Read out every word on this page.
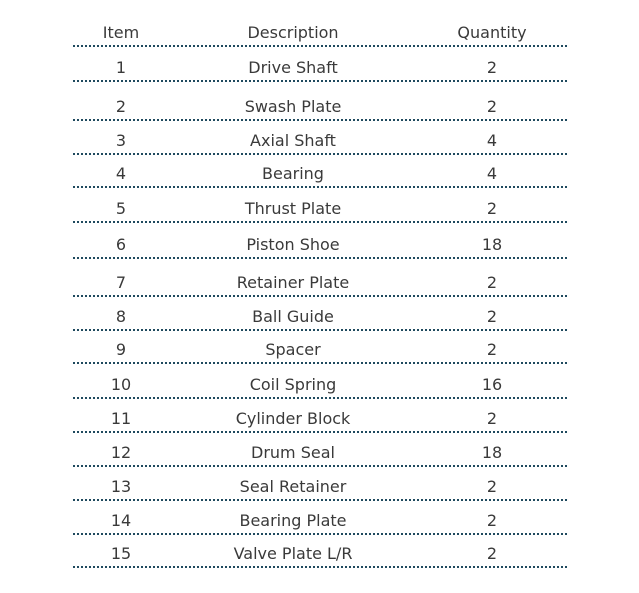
Item	Description	Quantity
1	Drive Shaft	2
2	Swash Plate	2
3	Axial Shaft	4
4	Bearing	4
5	Thrust Plate	2
6	Piston Shoe	18
7	Retainer Plate	2
8	Ball Guide	2
9	Spacer	2
10	Coil Spring	16
11	Cylinder Block	2
12	Drum Seal	18
13	Seal Retainer	2
14	Bearing Plate	2
15	Valve Plate L/R	2
